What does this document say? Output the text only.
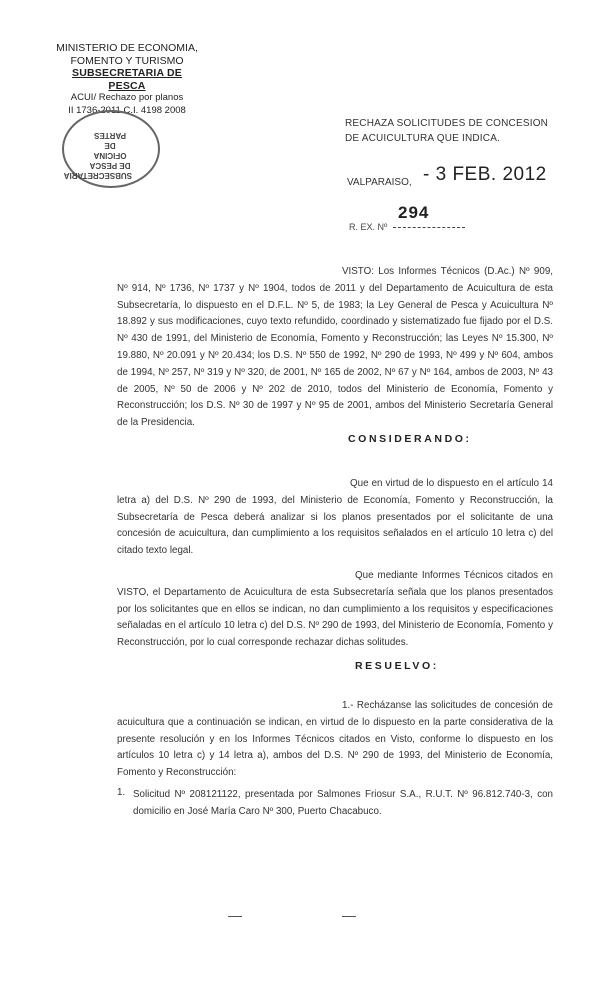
MINISTERIO DE ECONOMIA,
FOMENTO Y TURISMO
SUBSECRETARIA DE PESCA
ACUI/ Rechazo por planos
II 1736-2011 C.I. 4198 2008
SUBSECRETARIA DE PESCA OFICINA DE PARTES
RECHAZA SOLICITUDES DE CONCESION DE ACUICULTURA QUE INDICA.
VALPARAISO, - 3 FEB. 2012
R. EX. Nº
294
VISTO: Los Informes Técnicos (D.Ac.) Nº 909, Nº 914, Nº 1736, Nº 1737 y Nº 1904, todos de 2011 y del Departamento de Acuicultura de esta Subsecretaría, lo dispuesto en el D.F.L. Nº 5, de 1983; la Ley General de Pesca y Acuicultura Nº 18.892 y sus modificaciones, cuyo texto refundido, coordinado y sistematizado fue fijado por el D.S. Nº 430 de 1991, del Ministerio de Economía, Fomento y Reconstrucción; las Leyes Nº 15.300, Nº 19.880, Nº 20.091 y Nº 20.434; los D.S. Nº 550 de 1992, Nº 290 de 1993, Nº 499 y Nº 604, ambos de 1994, Nº 257, Nº 319 y Nº 320, de 2001, Nº 165 de 2002, Nº 67 y Nº 164, ambos de 2003, Nº 43 de 2005, Nº 50 de 2006 y Nº 202 de 2010, todos del Ministerio de Economía, Fomento y Reconstrucción; los D.S. Nº 30 de 1997 y Nº 95 de 2001, ambos del Ministerio Secretaría General de la Presidencia.
CONSIDERANDO:
Que en virtud de lo dispuesto en el artículo 14 letra a) del D.S. Nº 290 de 1993, del Ministerio de Economía, Fomento y Reconstrucción, la Subsecretaría de Pesca deberá analizar si los planos presentados por el solicitante de una concesión de acuicultura, dan cumplimiento a los requisitos señalados en el artículo 10 letra c) del citado texto legal.
Que mediante Informes Técnicos citados en VISTO, el Departamento de Acuicultura de esta Subsecretaría señala que los planos presentados por los solicitantes que en ellos se indican, no dan cumplimiento a los requisitos y especificaciones señaladas en el artículo 10 letra c) del D.S. Nº 290 de 1993, del Ministerio de Economía, Fomento y Reconstrucción, por lo cual corresponde rechazar dichas solitudes.
RESUELVO:
1.- Recházanse las solicitudes de concesión de acuicultura que a continuación se indican, en virtud de lo dispuesto en la parte considerativa de la presente resolución y en los Informes Técnicos citados en Visto, conforme lo dispuesto en los artículos 10 letra c) y 14 letra a), ambos del D.S. Nº 290 de 1993, del Ministerio de Economía, Fomento y Reconstrucción:
1. Solicitud Nº 208121122, presentada por Salmones Friosur S.A., R.U.T. Nº 96.812.740-3, con domicilio en José María Caro Nº 300, Puerto Chacabuco.
